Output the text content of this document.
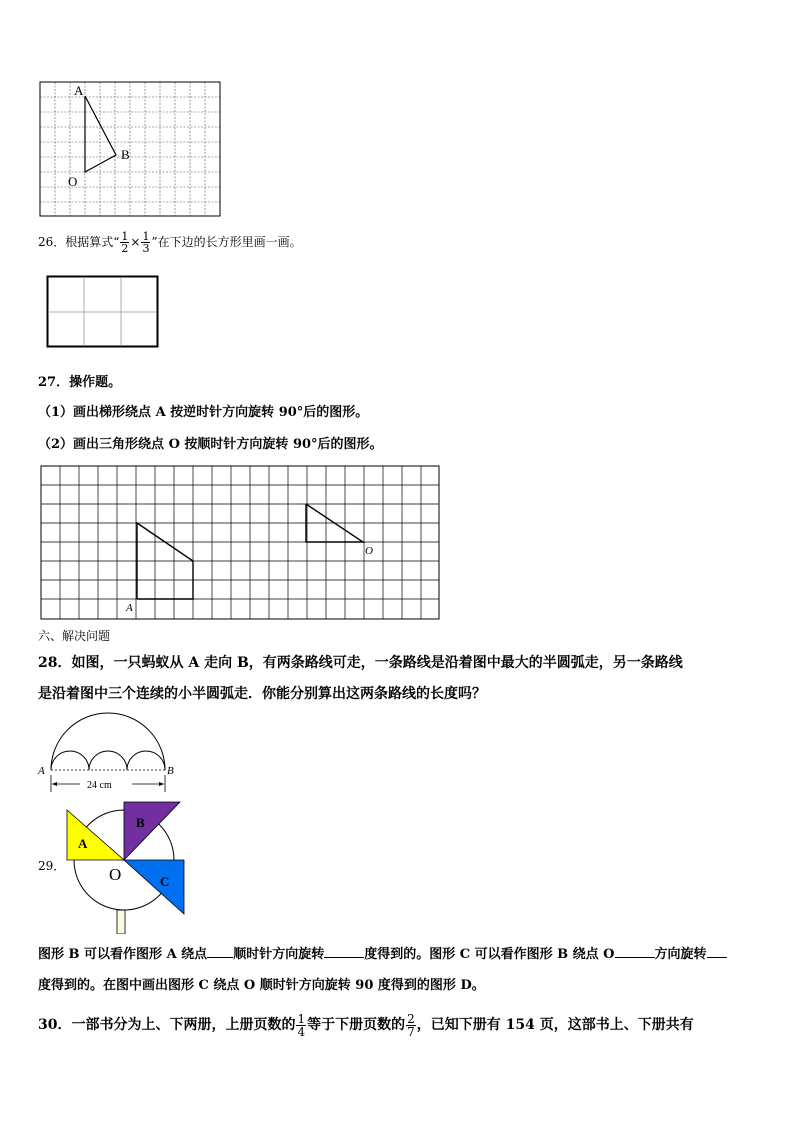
A
B
O
26．根据算式“ $\frac{1}{2} \times \frac{1}{3}$ ”在下边的长方形里画一画。
27．操作题。
（1）画出梯形绕点 A 按逆时针方向旋转 90°后的图形。
（2）画出三角形绕点 O 按顺时针方向旋转 90°后的图形。
A
O
六、解决问题
28．如图，一只蚂蚁从 A 走向 B，有两条路线可走，一条路线是沿着图中最大的半圆弧走，另一条路线
是沿着图中三个连续的小半圆弧走．你能分别算出这两条路线的长度吗？
A	B
24 cm
29．
A
B
C
O
图形 B 可以看作图形 A 绕点 顺时针方向旋转	度得到的。图形 C 可以看作图形 B 绕点 O	方向旋转
度得到的。在图中画出图形 C 绕点 O 顺时针方向旋转 90 度得到的图形 D。
30．一部书分为上、下两册，上册页数的 $\frac{1}{4}$ 等于下册页数的 $\frac{2}{7}$ ，已知下册有 154 页，这部书上、下册共有
